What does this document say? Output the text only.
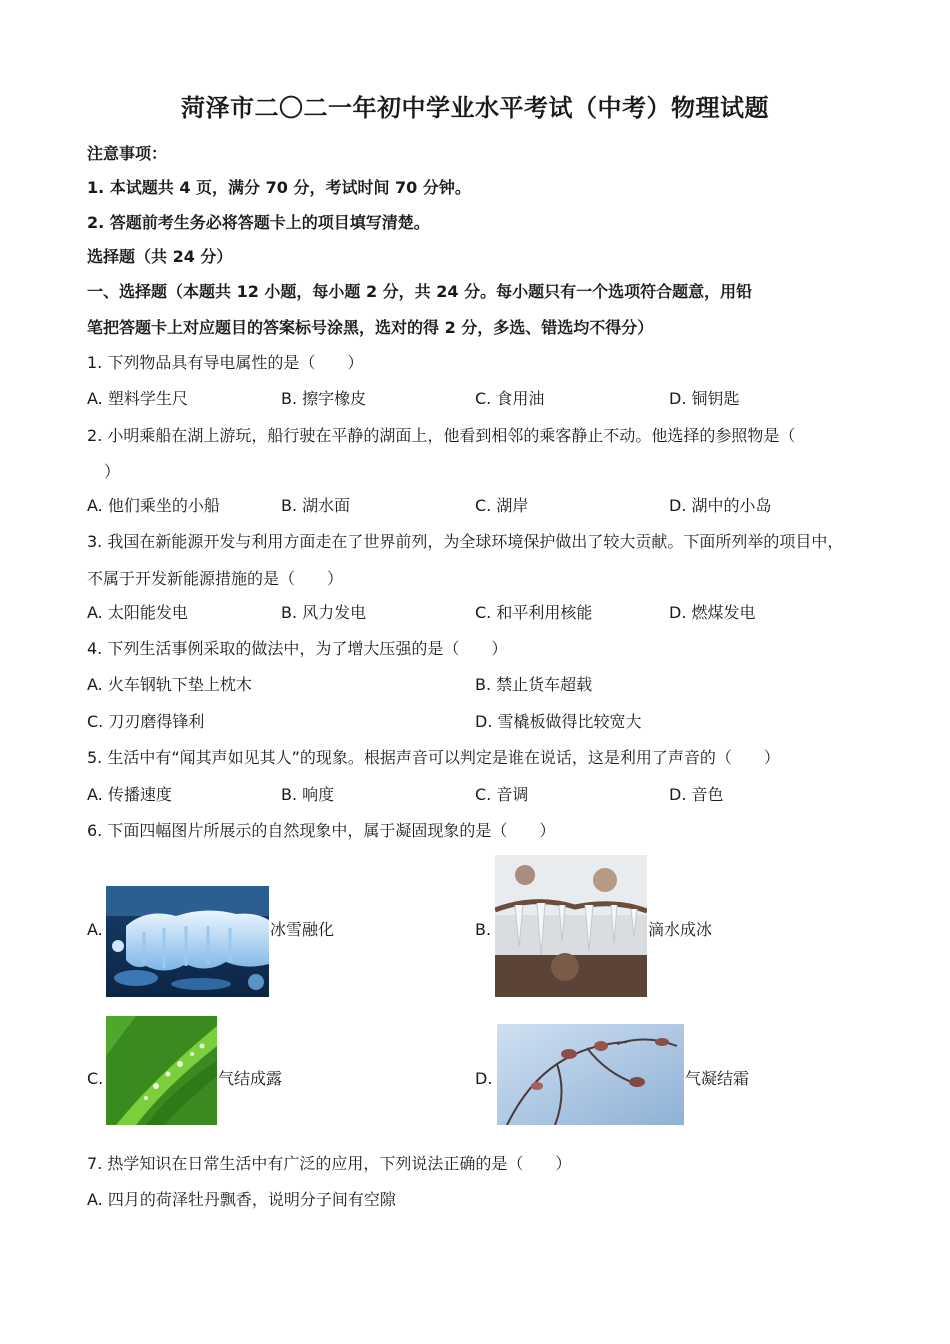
菏泽市二〇二一年初中学业水平考试（中考）物理试题
注意事项：
1. 本试题共 4 页，满分 70 分，考试时间 70 分钟。
2. 答题前考生务必将答题卡上的项目填写清楚。
选择题（共 24 分）
一、选择题（本题共 12 小题，每小题 2 分，共 24 分。每小题只有一个选项符合题意，用铅
笔把答题卡上对应题目的答案标号涂黑，选对的得 2 分，多选、错选均不得分）
1. 下列物品具有导电属性的是（　　）
A. 塑料学生尺	B. 擦字橡皮	C. 食用油	D. 铜钥匙
2. 小明乘船在湖上游玩，船行驶在平静的湖面上，他看到相邻的乘客静止不动。他选择的参照物是（
）
A. 他们乘坐的小船	B. 湖水面	C. 湖岸	D. 湖中的小岛
3. 我国在新能源开发与利用方面走在了世界前列，为全球环境保护做出了较大贡献。下面所列举的项目中，
不属于开发新能源措施的是（　　）
A. 太阳能发电	B. 风力发电	C. 和平利用核能	D. 燃煤发电
4. 下列生活事例采取的做法中，为了增大压强的是（　　）
A. 火车钢轨下垫上枕木	B. 禁止货车超载
C. 刀刃磨得锋利	D. 雪橇板做得比较宽大
5. 生活中有“闻其声如见其人”的现象。根据声音可以判定是谁在说话，这是利用了声音的（　　）
A. 传播速度	B. 响度	C. 音调	D. 音色
6. 下面四幅图片所展示的自然现象中，属于凝固现象的是（　　）
A.	冰雪融化	B.	滴水成冰
C.	气结成露	D.	气凝结霜
7. 热学知识在日常生活中有广泛的应用，下列说法正确的是（　　）
A. 四月的荷泽牡丹飘香，说明分子间有空隙
